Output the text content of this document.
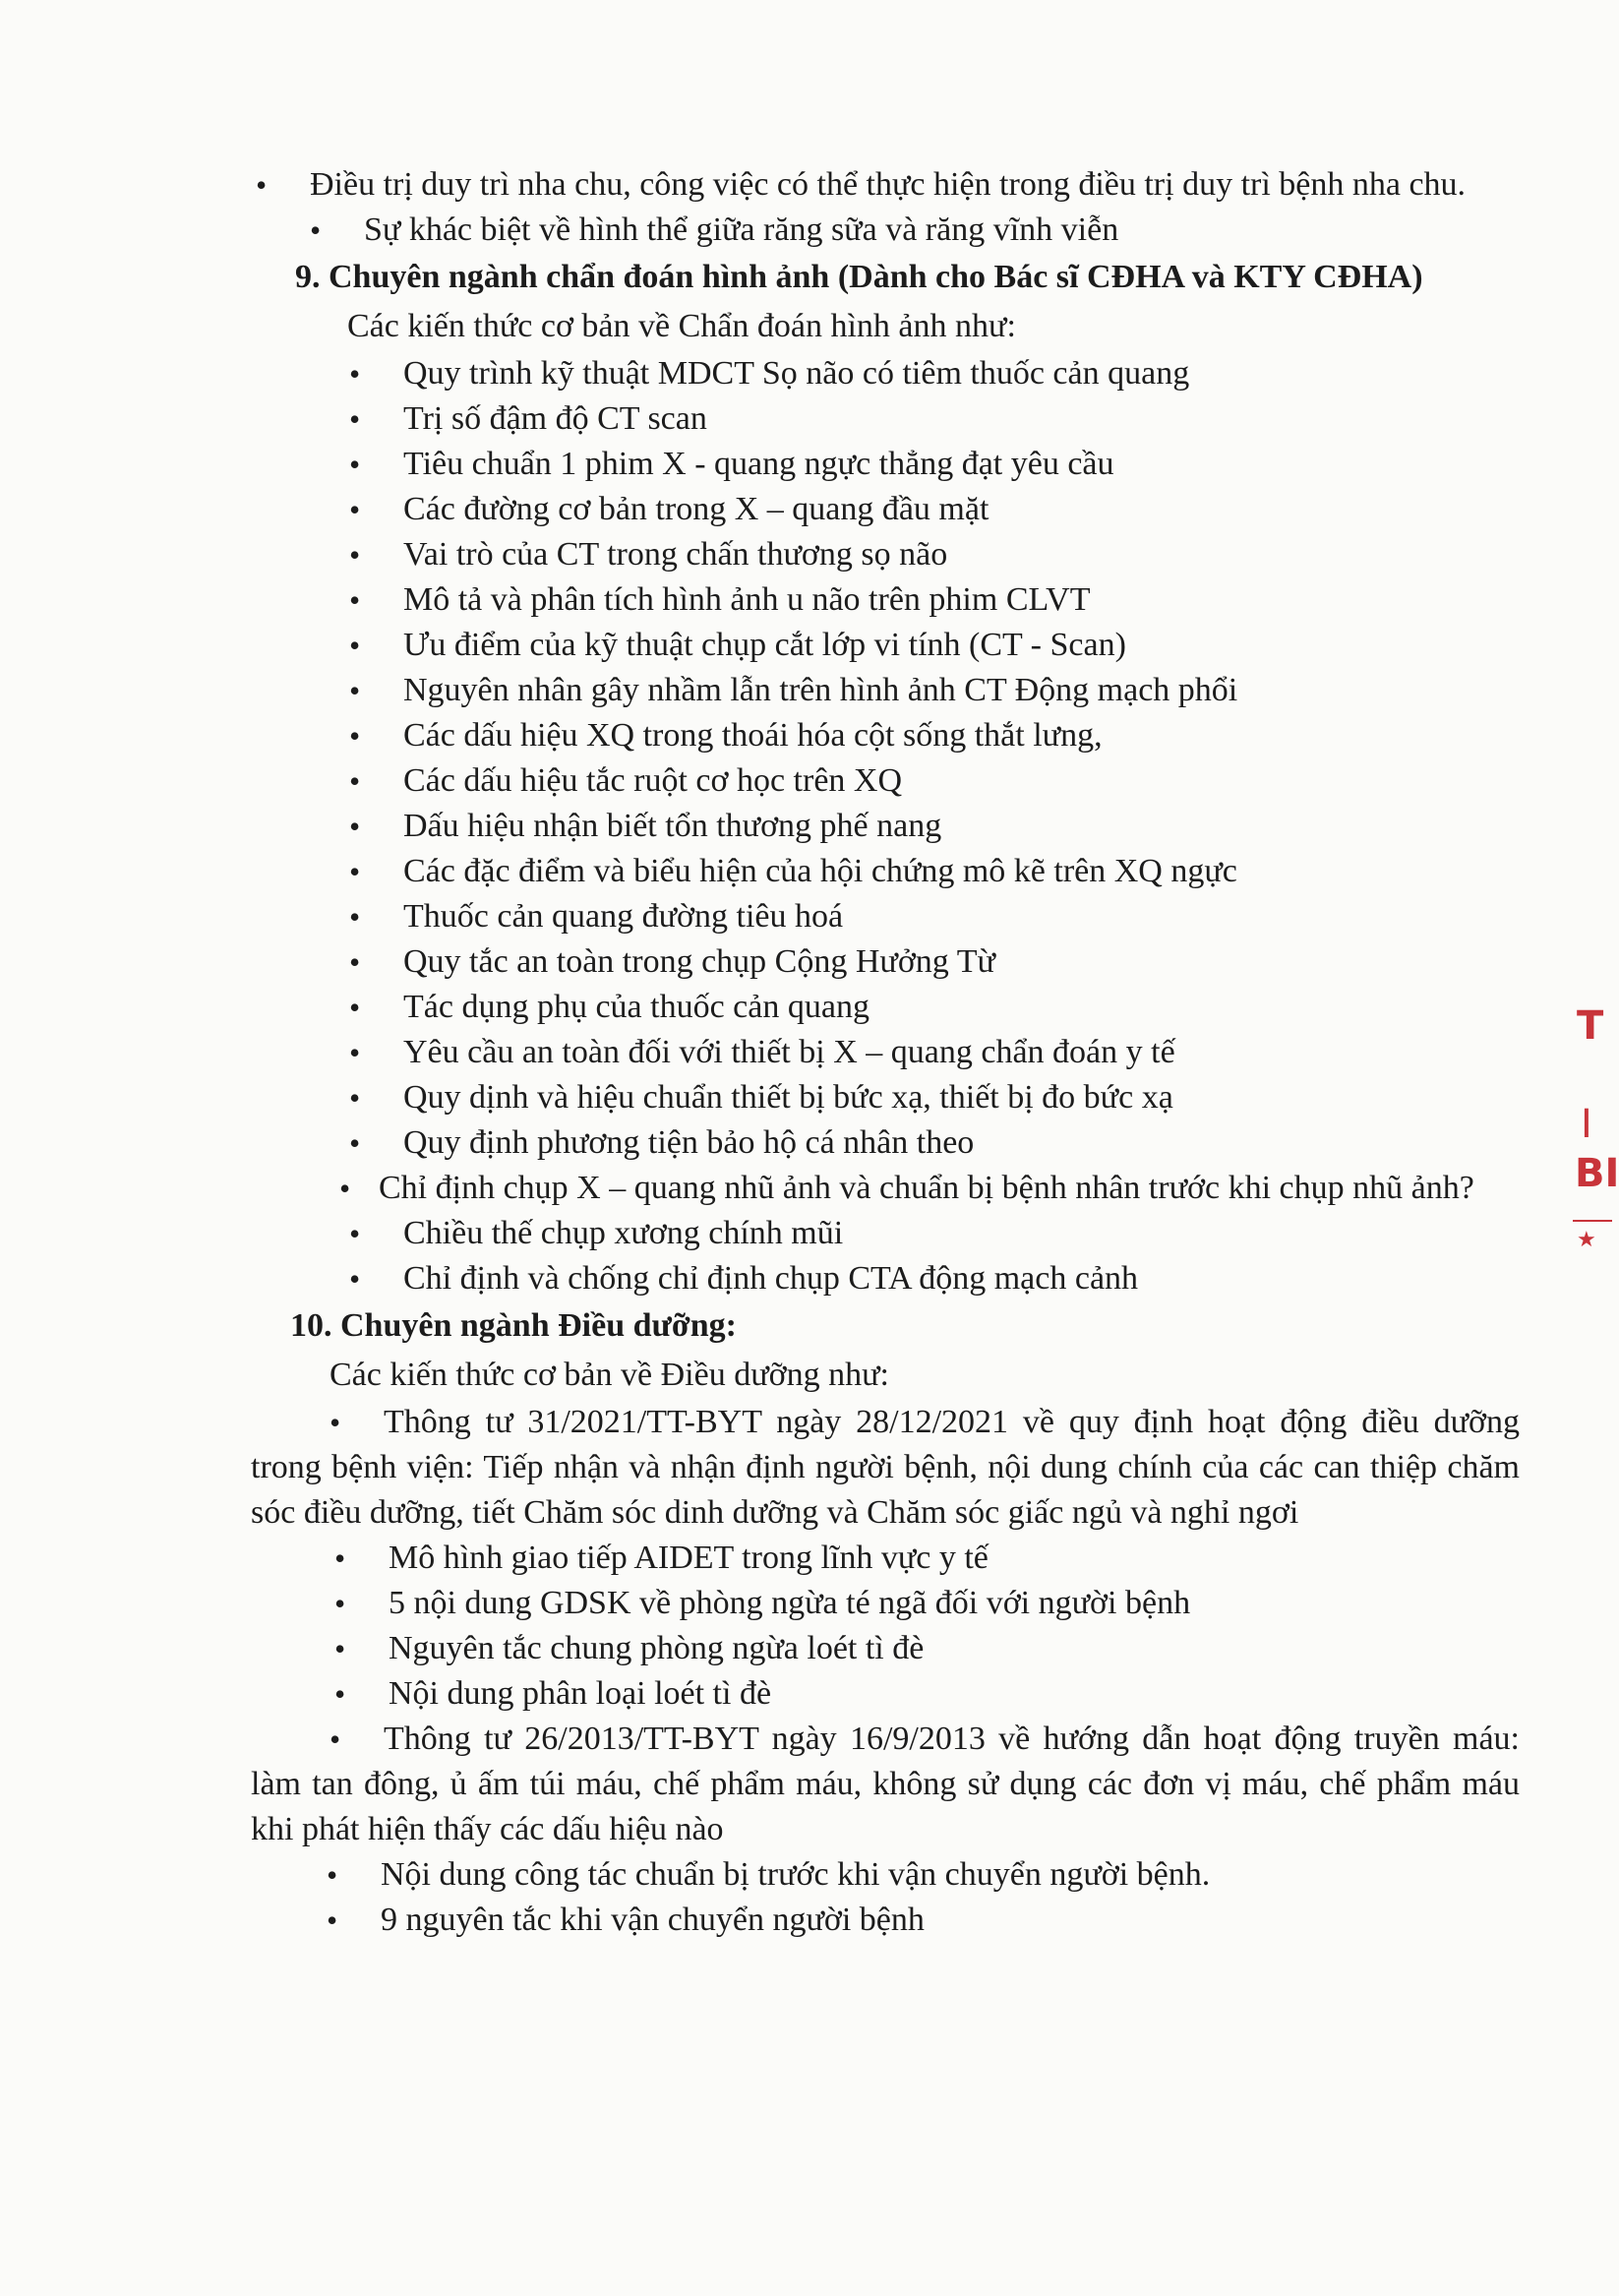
• Điều trị duy trì nha chu, công việc có thể thực hiện trong điều trị duy trì bệnh nha chu.

• Sự khác biệt về hình thể giữa răng sữa và răng vĩnh viễn

9. Chuyên ngành chẩn đoán hình ảnh (Dành cho Bác sĩ CĐHA và KTY CĐHA)

Các kiến thức cơ bản về Chẩn đoán hình ảnh như:

• Quy trình kỹ thuật MDCT Sọ não có tiêm thuốc cản quang

• Trị số đậm độ CT scan

• Tiêu chuẩn 1 phim X - quang ngực thẳng đạt yêu cầu

• Các đường cơ bản trong X – quang đầu mặt

• Vai trò của CT trong chấn thương sọ não

• Mô tả và phân tích hình ảnh u não trên phim CLVT

• Ưu điểm của kỹ thuật chụp cắt lớp vi tính (CT - Scan)

• Nguyên nhân gây nhầm lẫn trên hình ảnh CT Động mạch phổi

• Các dấu hiệu XQ trong thoái hóa cột sống thắt lưng,

• Các dấu hiệu tắc ruột cơ học trên XQ

• Dấu hiệu nhận biết tổn thương phế nang

• Các đặc điểm và biểu hiện của hội chứng mô kẽ trên XQ ngực

• Thuốc cản quang đường tiêu hoá

• Quy tắc an toàn trong chụp Cộng Hưởng Từ

• Tác dụng phụ của thuốc cản quang

• Yêu cầu an toàn đối với thiết bị X – quang chẩn đoán y tế

• Quy dịnh và hiệu chuẩn thiết bị bức xạ, thiết bị đo bức xạ

• Quy định phương tiện bảo hộ cá nhân theo

• Chỉ định chụp X – quang nhũ ảnh và chuẩn bị bệnh nhân trước khi chụp nhũ ảnh?

• Chiều thế chụp xương chính mũi

• Chỉ định và chống chỉ định chụp CTA động mạch cảnh

10. Chuyên ngành Điều dưỡng:

Các kiến thức cơ bản về Điều dưỡng như:

• Thông tư 31/2021/TT-BYT ngày 28/12/2021 về quy định hoạt động điều dưỡng trong bệnh viện: Tiếp nhận và nhận định người bệnh, nội dung chính của các can thiệp chăm sóc điều dưỡng, tiết Chăm sóc dinh dưỡng và Chăm sóc giấc ngủ và nghỉ ngơi

• Mô hình giao tiếp AIDET trong lĩnh vực y tế

• 5 nội dung GDSK về phòng ngừa té ngã đối với người bệnh

• Nguyên tắc chung phòng ngừa loét tì đè

• Nội dung phân loại loét tì đè

• Thông tư 26/2013/TT-BYT ngày 16/9/2013 về hướng dẫn hoạt động truyền máu: làm tan đông, ủ ấm túi máu, chế phẩm máu, không sử dụng các đơn vị máu, chế phẩm máu khi phát hiện thấy các dấu hiệu nào

• Nội dung công tác chuẩn bị trước khi vận chuyển người bệnh.

• 9 nguyên tắc khi vận chuyển người bệnh

T
I
BI
★
